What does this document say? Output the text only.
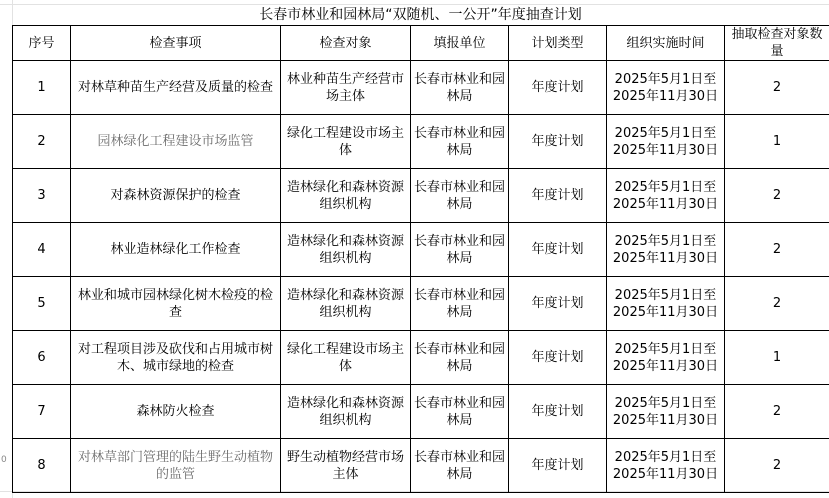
长春市林业和园林局“双随机、一公开”年度抽查计划
序号	检查事项	检查对象	填报单位	计划类型	组织实施时间	抽取检查对象数量
1	对林草种苗生产经营及质量的检查	林业种苗生产经营市场主体	长春市林业和园林局	年度计划	2025年5月1日至2025年11月30日	2
2	园林绿化工程建设市场监管	绿化工程建设市场主体	长春市林业和园林局	年度计划	2025年5月1日至2025年11月30日	1
3	对森林资源保护的检查	造林绿化和森林资源组织机构	长春市林业和园林局	年度计划	2025年5月1日至2025年11月30日	2
4	林业造林绿化工作检查	造林绿化和森林资源组织机构	长春市林业和园林局	年度计划	2025年5月1日至2025年11月30日	2
5	林业和城市园林绿化树木检疫的检查	造林绿化和森林资源组织机构	长春市林业和园林局	年度计划	2025年5月1日至2025年11月30日	2
6	对工程项目涉及砍伐和占用城市树木、城市绿地的检查	绿化工程建设市场主体	长春市林业和园林局	年度计划	2025年5月1日至2025年11月30日	1
7	森林防火检查	造林绿化和森林资源组织机构	长春市林业和园林局	年度计划	2025年5月1日至2025年11月30日	2
8	对林草部门管理的陆生野生动植物的监管	野生动植物经营市场主体	长春市林业和园林局	年度计划	2025年5月1日至2025年11月30日	2
0
